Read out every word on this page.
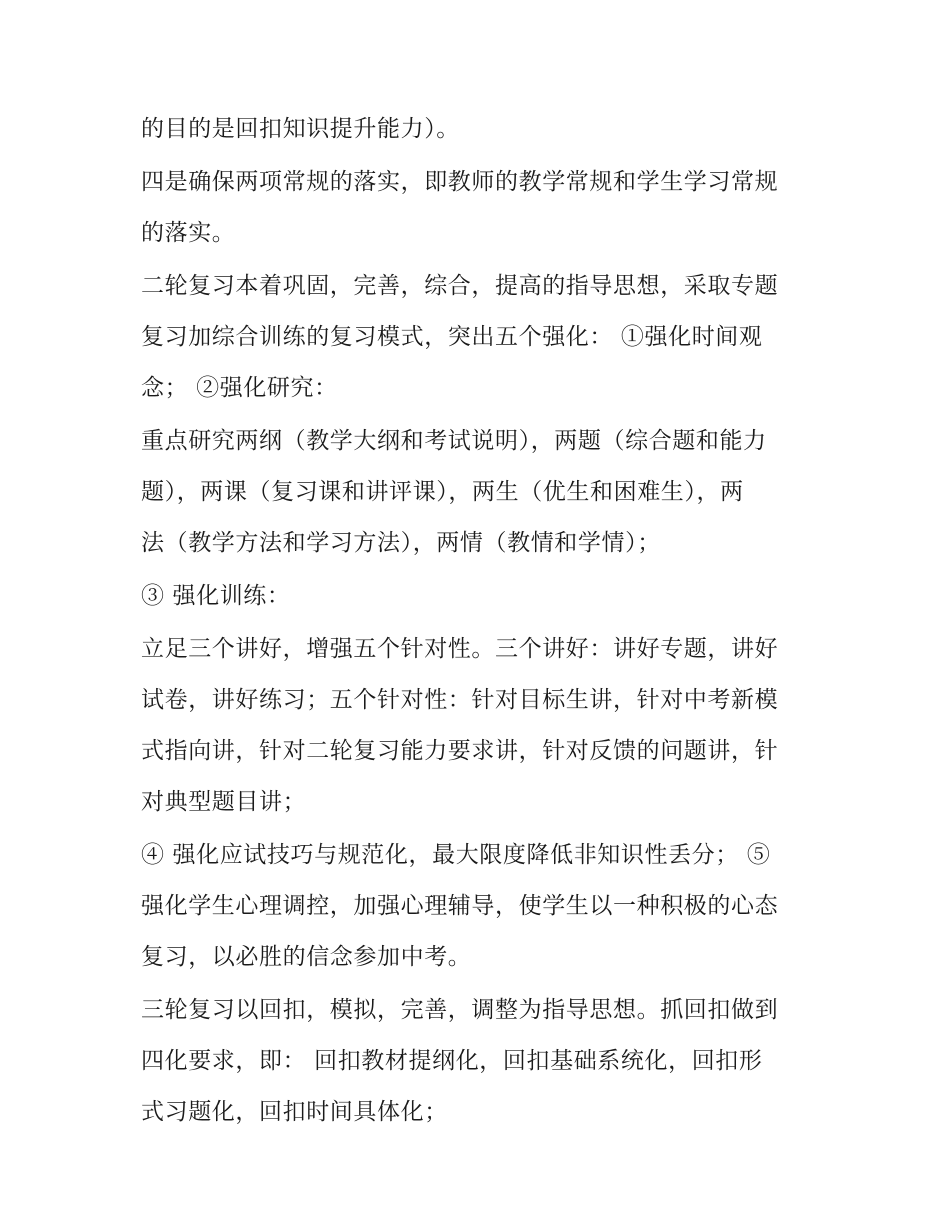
的目的是回扣知识提升能力）。

四是确保两项常规的落实，即教师的教学常规和学生学习常规
的落实。

二轮复习本着巩固，完善，综合，提高的指导思想，采取专题
复习加综合训练的复习模式，突出五个强化： ①强化时间观
念； ②强化研究：

重点研究两纲（教学大纲和考试说明），两题（综合题和能力
题），两课（复习课和讲评课），两生（优生和困难生），两
法（教学方法和学习方法），两情（教情和学情）；

③ 强化训练：

立足三个讲好，增强五个针对性。三个讲好：讲好专题，讲好
试卷，讲好练习；五个针对性：针对目标生讲，针对中考新模
式指向讲，针对二轮复习能力要求讲，针对反馈的问题讲，针
对典型题目讲；

④ 强化应试技巧与规范化，最大限度降低非知识性丢分； ⑤
强化学生心理调控，加强心理辅导，使学生以一种积极的心态
复习，以必胜的信念参加中考。

三轮复习以回扣，模拟，完善，调整为指导思想。抓回扣做到
四化要求，即： 回扣教材提纲化，回扣基础系统化，回扣形
式习题化，回扣时间具体化；
